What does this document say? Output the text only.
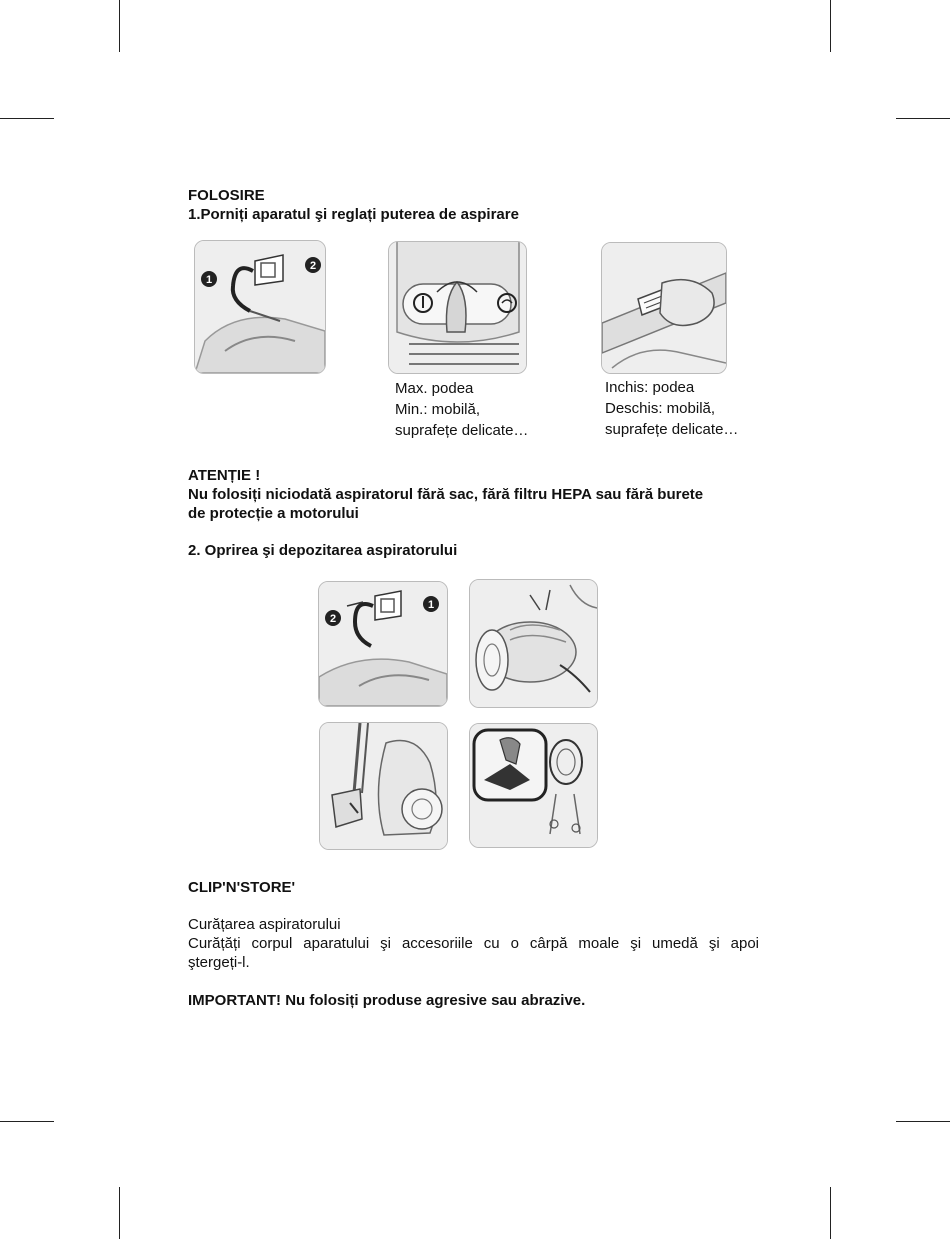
FOLOSIRE
1.Porniți aparatul şi reglați puterea de aspirare
1
2
Max. podea
Min.: mobilă,
suprafețe delicate…
Inchis: podea
Deschis: mobilă,
suprafețe delicate…
ATENȚIE !
Nu folosiți niciodată aspiratorul fără sac, fără filtru HEPA sau fără burete
de protecție a motorului
2. Oprirea şi depozitarea aspiratorului
2
1
CLIP'N'STORE'
Curățarea aspiratorului
Curățăți corpul aparatului şi accesoriile cu o cârpă moale şi umedă şi apoi ştergeți-l.
IMPORTANT! Nu folosiți produse agresive sau abrazive.
